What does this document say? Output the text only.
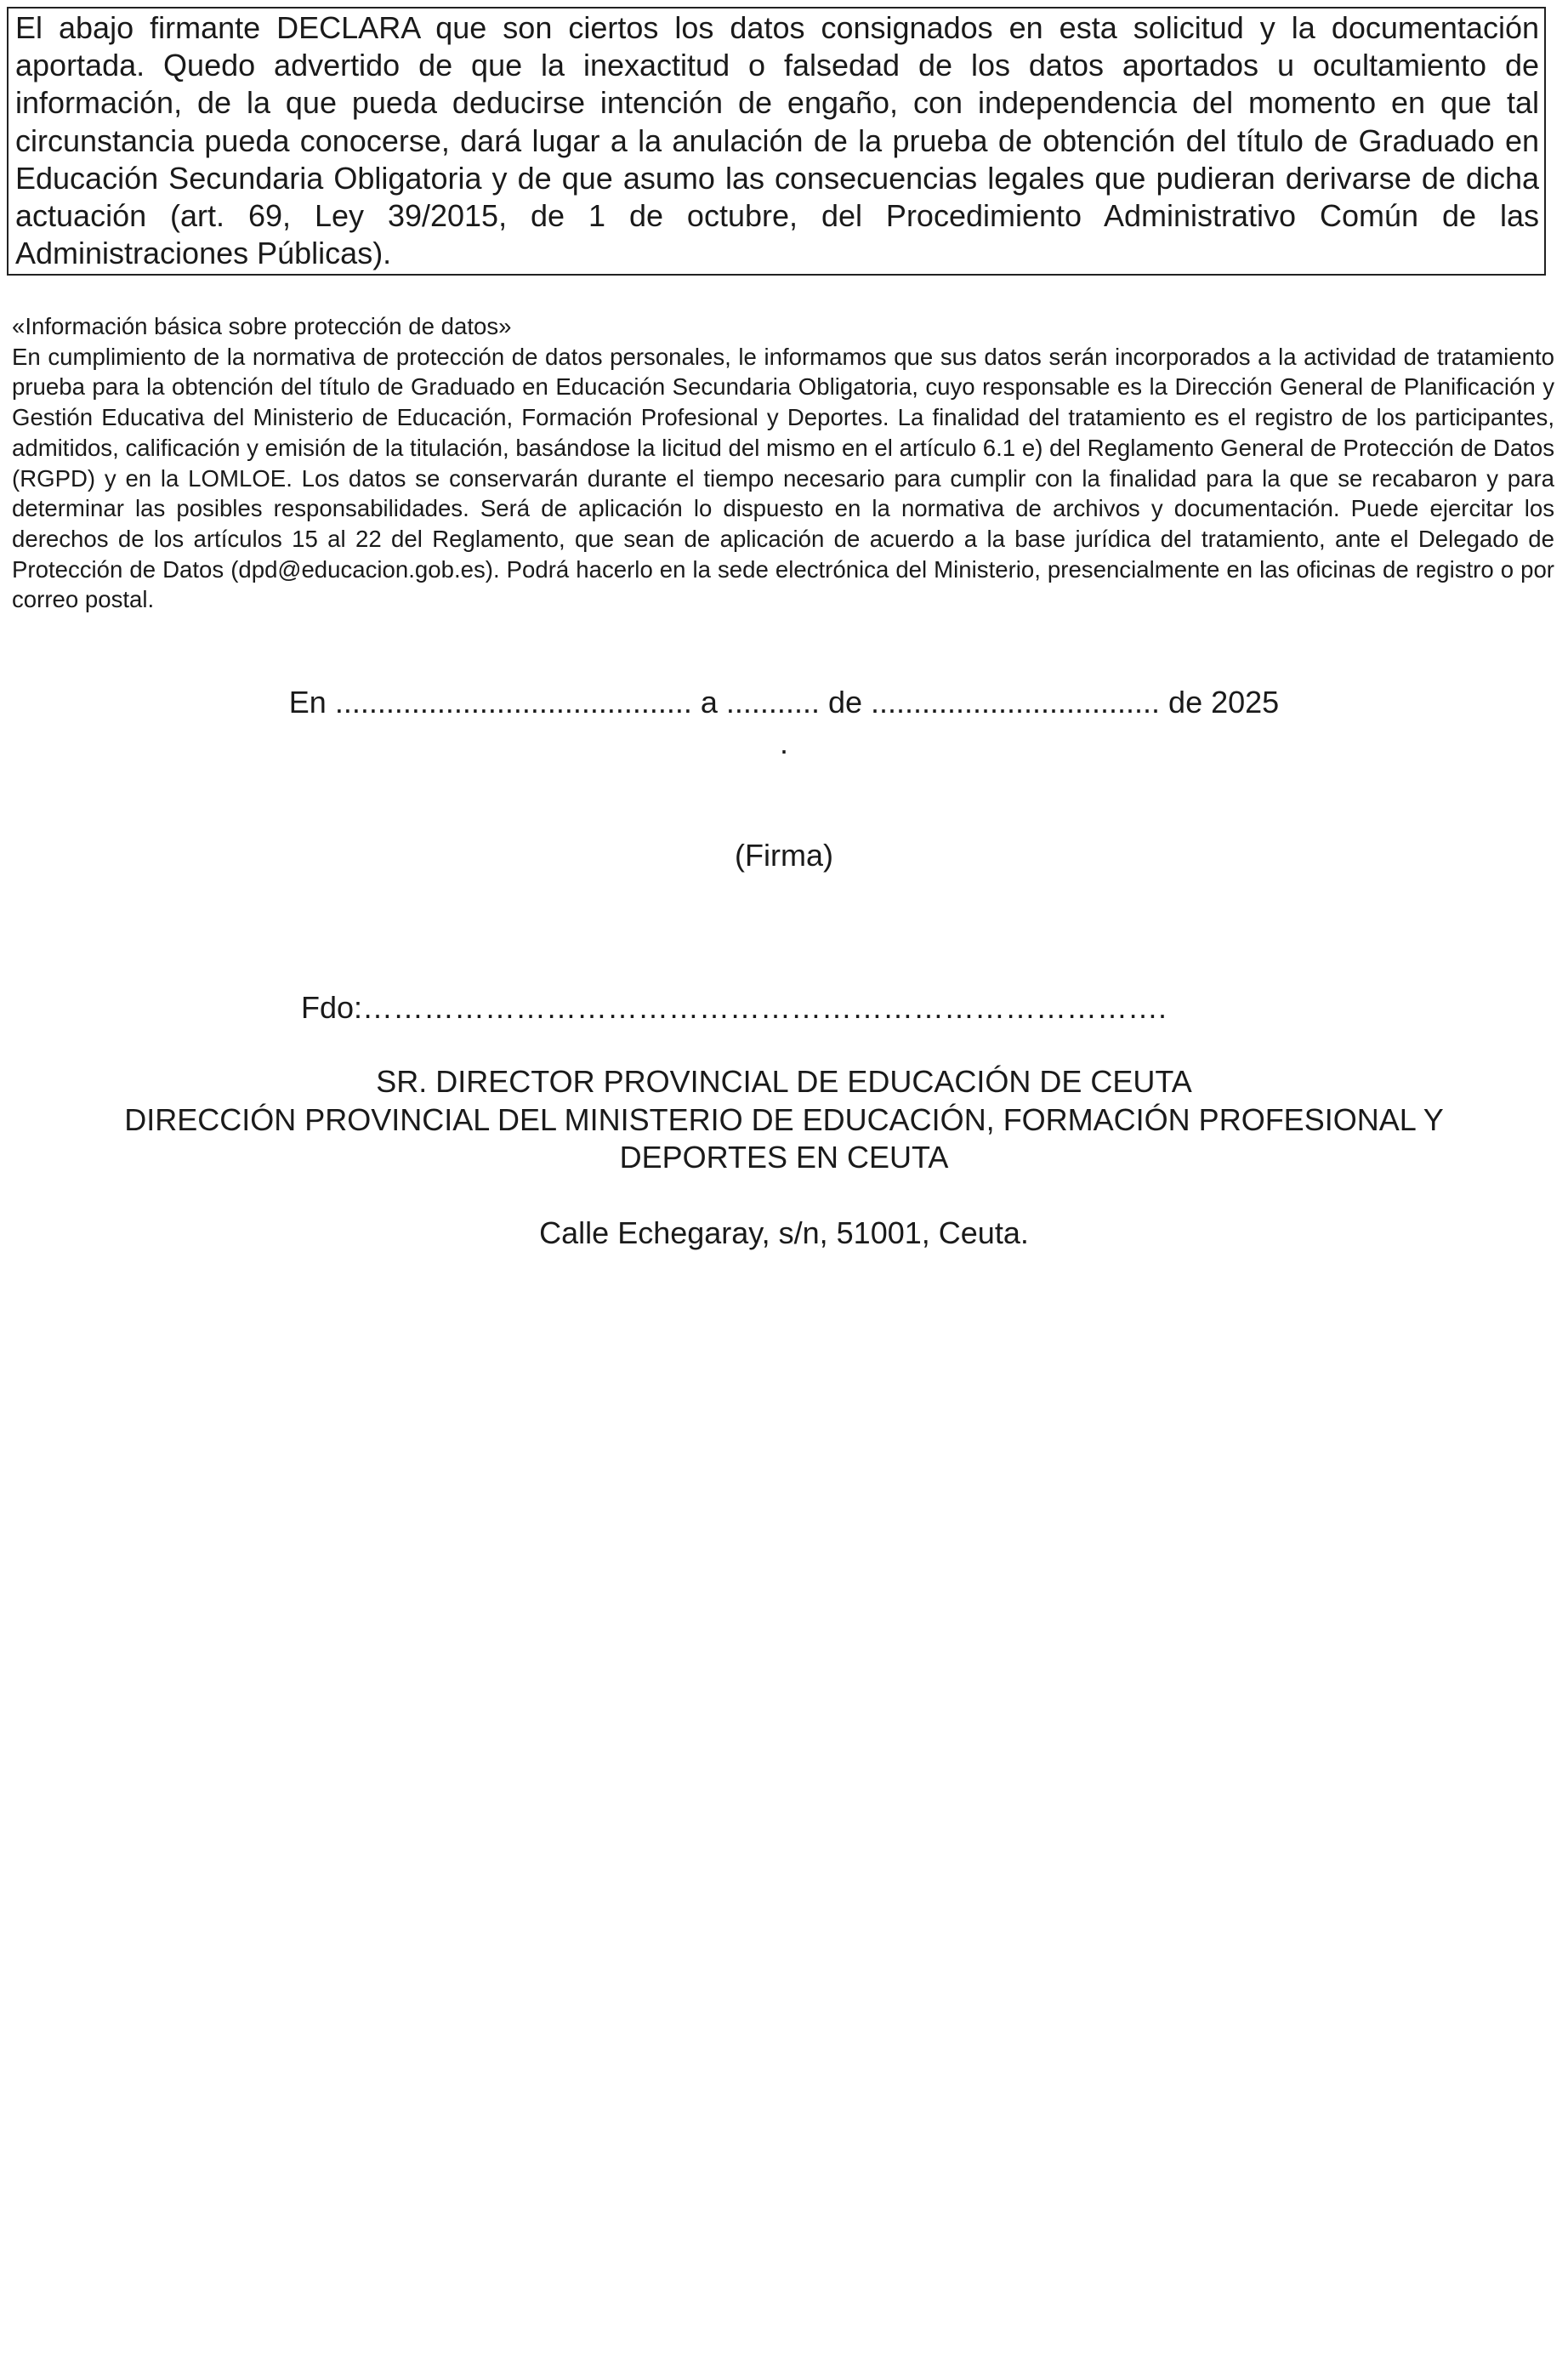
El abajo firmante DECLARA que son ciertos los datos consignados en esta solicitud y la documentación aportada. Quedo advertido de que la inexactitud o falsedad de los datos aportados u ocultamiento de información, de la que pueda deducirse intención de engaño, con independencia del momento en que tal circunstancia pueda conocerse, dará lugar a la anulación de la prueba de obtención del título de Graduado en Educación Secundaria Obligatoria y de que asumo las consecuencias legales que pudieran derivarse de dicha actuación (art. 69, Ley 39/2015, de 1 de octubre, del Procedimiento Administrativo Común de las Administraciones Públicas).
«Información básica sobre protección de datos»
En cumplimiento de la normativa de protección de datos personales, le informamos que sus datos serán incorporados a la actividad de tratamiento prueba para la obtención del título de Graduado en Educación Secundaria Obligatoria, cuyo responsable es la Dirección General de Planificación y Gestión Educativa del Ministerio de Educación, Formación Profesional y Deportes. La finalidad del tratamiento es el registro de los participantes, admitidos, calificación y emisión de la titulación, basándose la licitud del mismo en el artículo 6.1 e) del Reglamento General de Protección de Datos (RGPD) y en la LOMLOE. Los datos se conservarán durante el tiempo necesario para cumplir con la finalidad para la que se recabaron y para determinar las posibles responsabilidades. Será de aplicación lo dispuesto en la normativa de archivos y documentación. Puede ejercitar los derechos de los artículos 15 al 22 del Reglamento, que sean de aplicación de acuerdo a la base jurídica del tratamiento, ante el Delegado de Protección de Datos (dpd@educacion.gob.es). Podrá hacerlo en la sede electrónica del Ministerio, presencialmente en las oficinas de registro o por correo postal.
En .......................................... a ........... de .................................. de 2025
.
(Firma)
Fdo:…………………………………………………………………….
SR. DIRECTOR PROVINCIAL DE EDUCACIÓN DE CEUTA
DIRECCIÓN PROVINCIAL DEL MINISTERIO DE EDUCACIÓN, FORMACIÓN PROFESIONAL Y DEPORTES EN CEUTA
Calle Echegaray, s/n, 51001, Ceuta.
